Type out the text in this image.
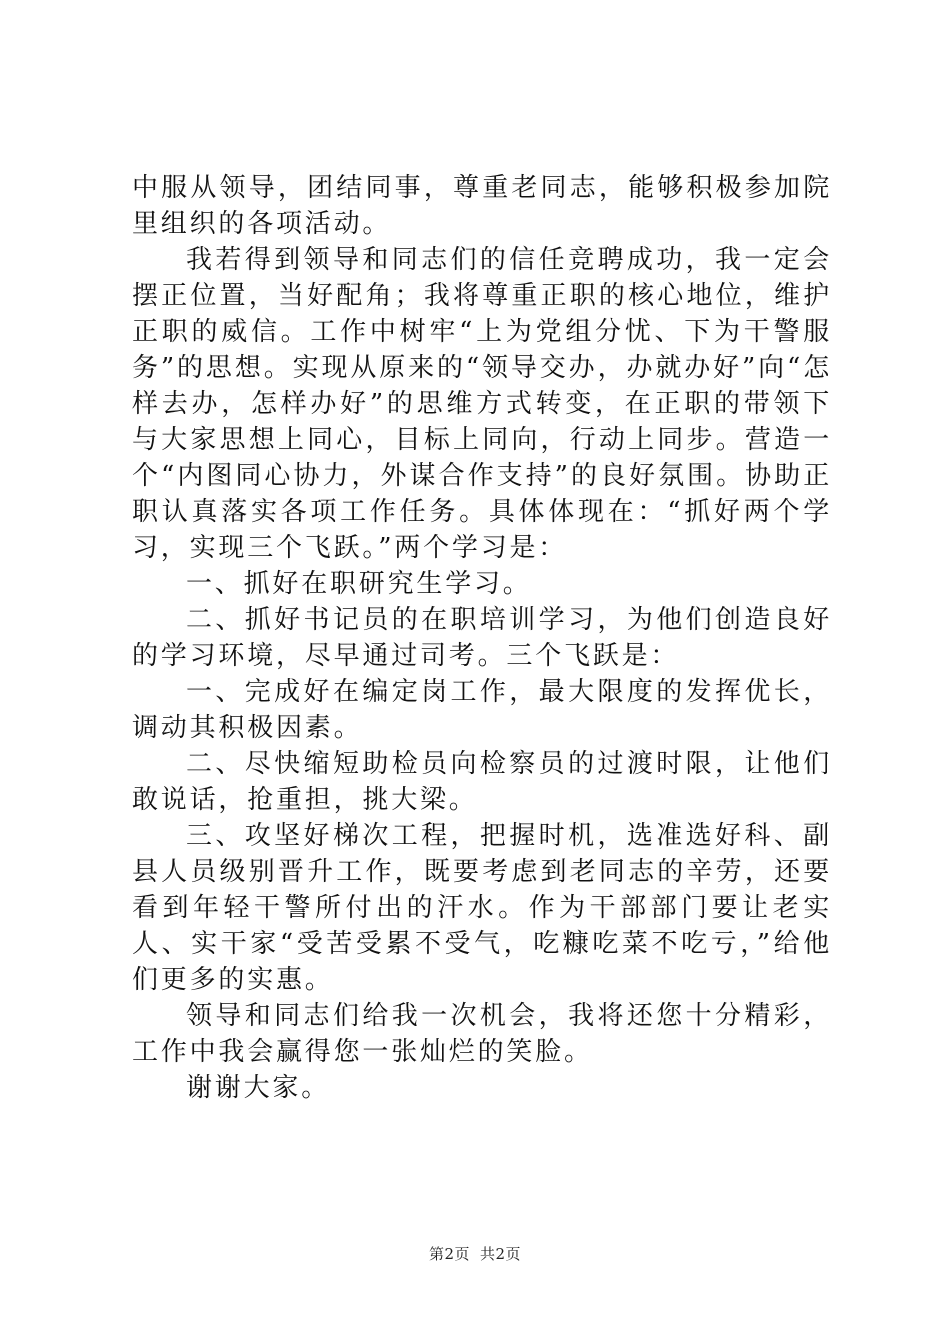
中服从领导，团结同事，尊重老同志，能够积极参加院里组织的各项活动。

我若得到领导和同志们的信任竞聘成功，我一定会摆正位置，当好配角；我将尊重正职的核心地位，维护正职的威信。工作中树牢“上为党组分忧、下为干警服务”的思想。实现从原来的“领导交办，办就办好”向“怎样去办，怎样办好”的思维方式转变，在正职的带领下与大家思想上同心，目标上同向，行动上同步。营造一个“内图同心协力，外谋合作支持”的良好氛围。协助正职认真落实各项工作任务。具体体现在：“抓好两个学习，实现三个飞跃。”两个学习是：

一、抓好在职研究生学习。

二、抓好书记员的在职培训学习，为他们创造良好的学习环境，尽早通过司考。三个飞跃是：

一、完成好在编定岗工作，最大限度的发挥优长，调动其积极因素。

二、尽快缩短助检员向检察员的过渡时限，让他们敢说话，抢重担，挑大梁。

三、攻坚好梯次工程，把握时机，选准选好科、副县人员级别晋升工作，既要考虑到老同志的辛劳，还要看到年轻干警所付出的汗水。作为干部部门要让老实人、实干家“受苦受累不受气，吃糠吃菜不吃亏，”给他们更多的实惠。

领导和同志们给我一次机会，我将还您十分精彩，工作中我会赢得您一张灿烂的笑脸。

谢谢大家。

第2页 共2页
